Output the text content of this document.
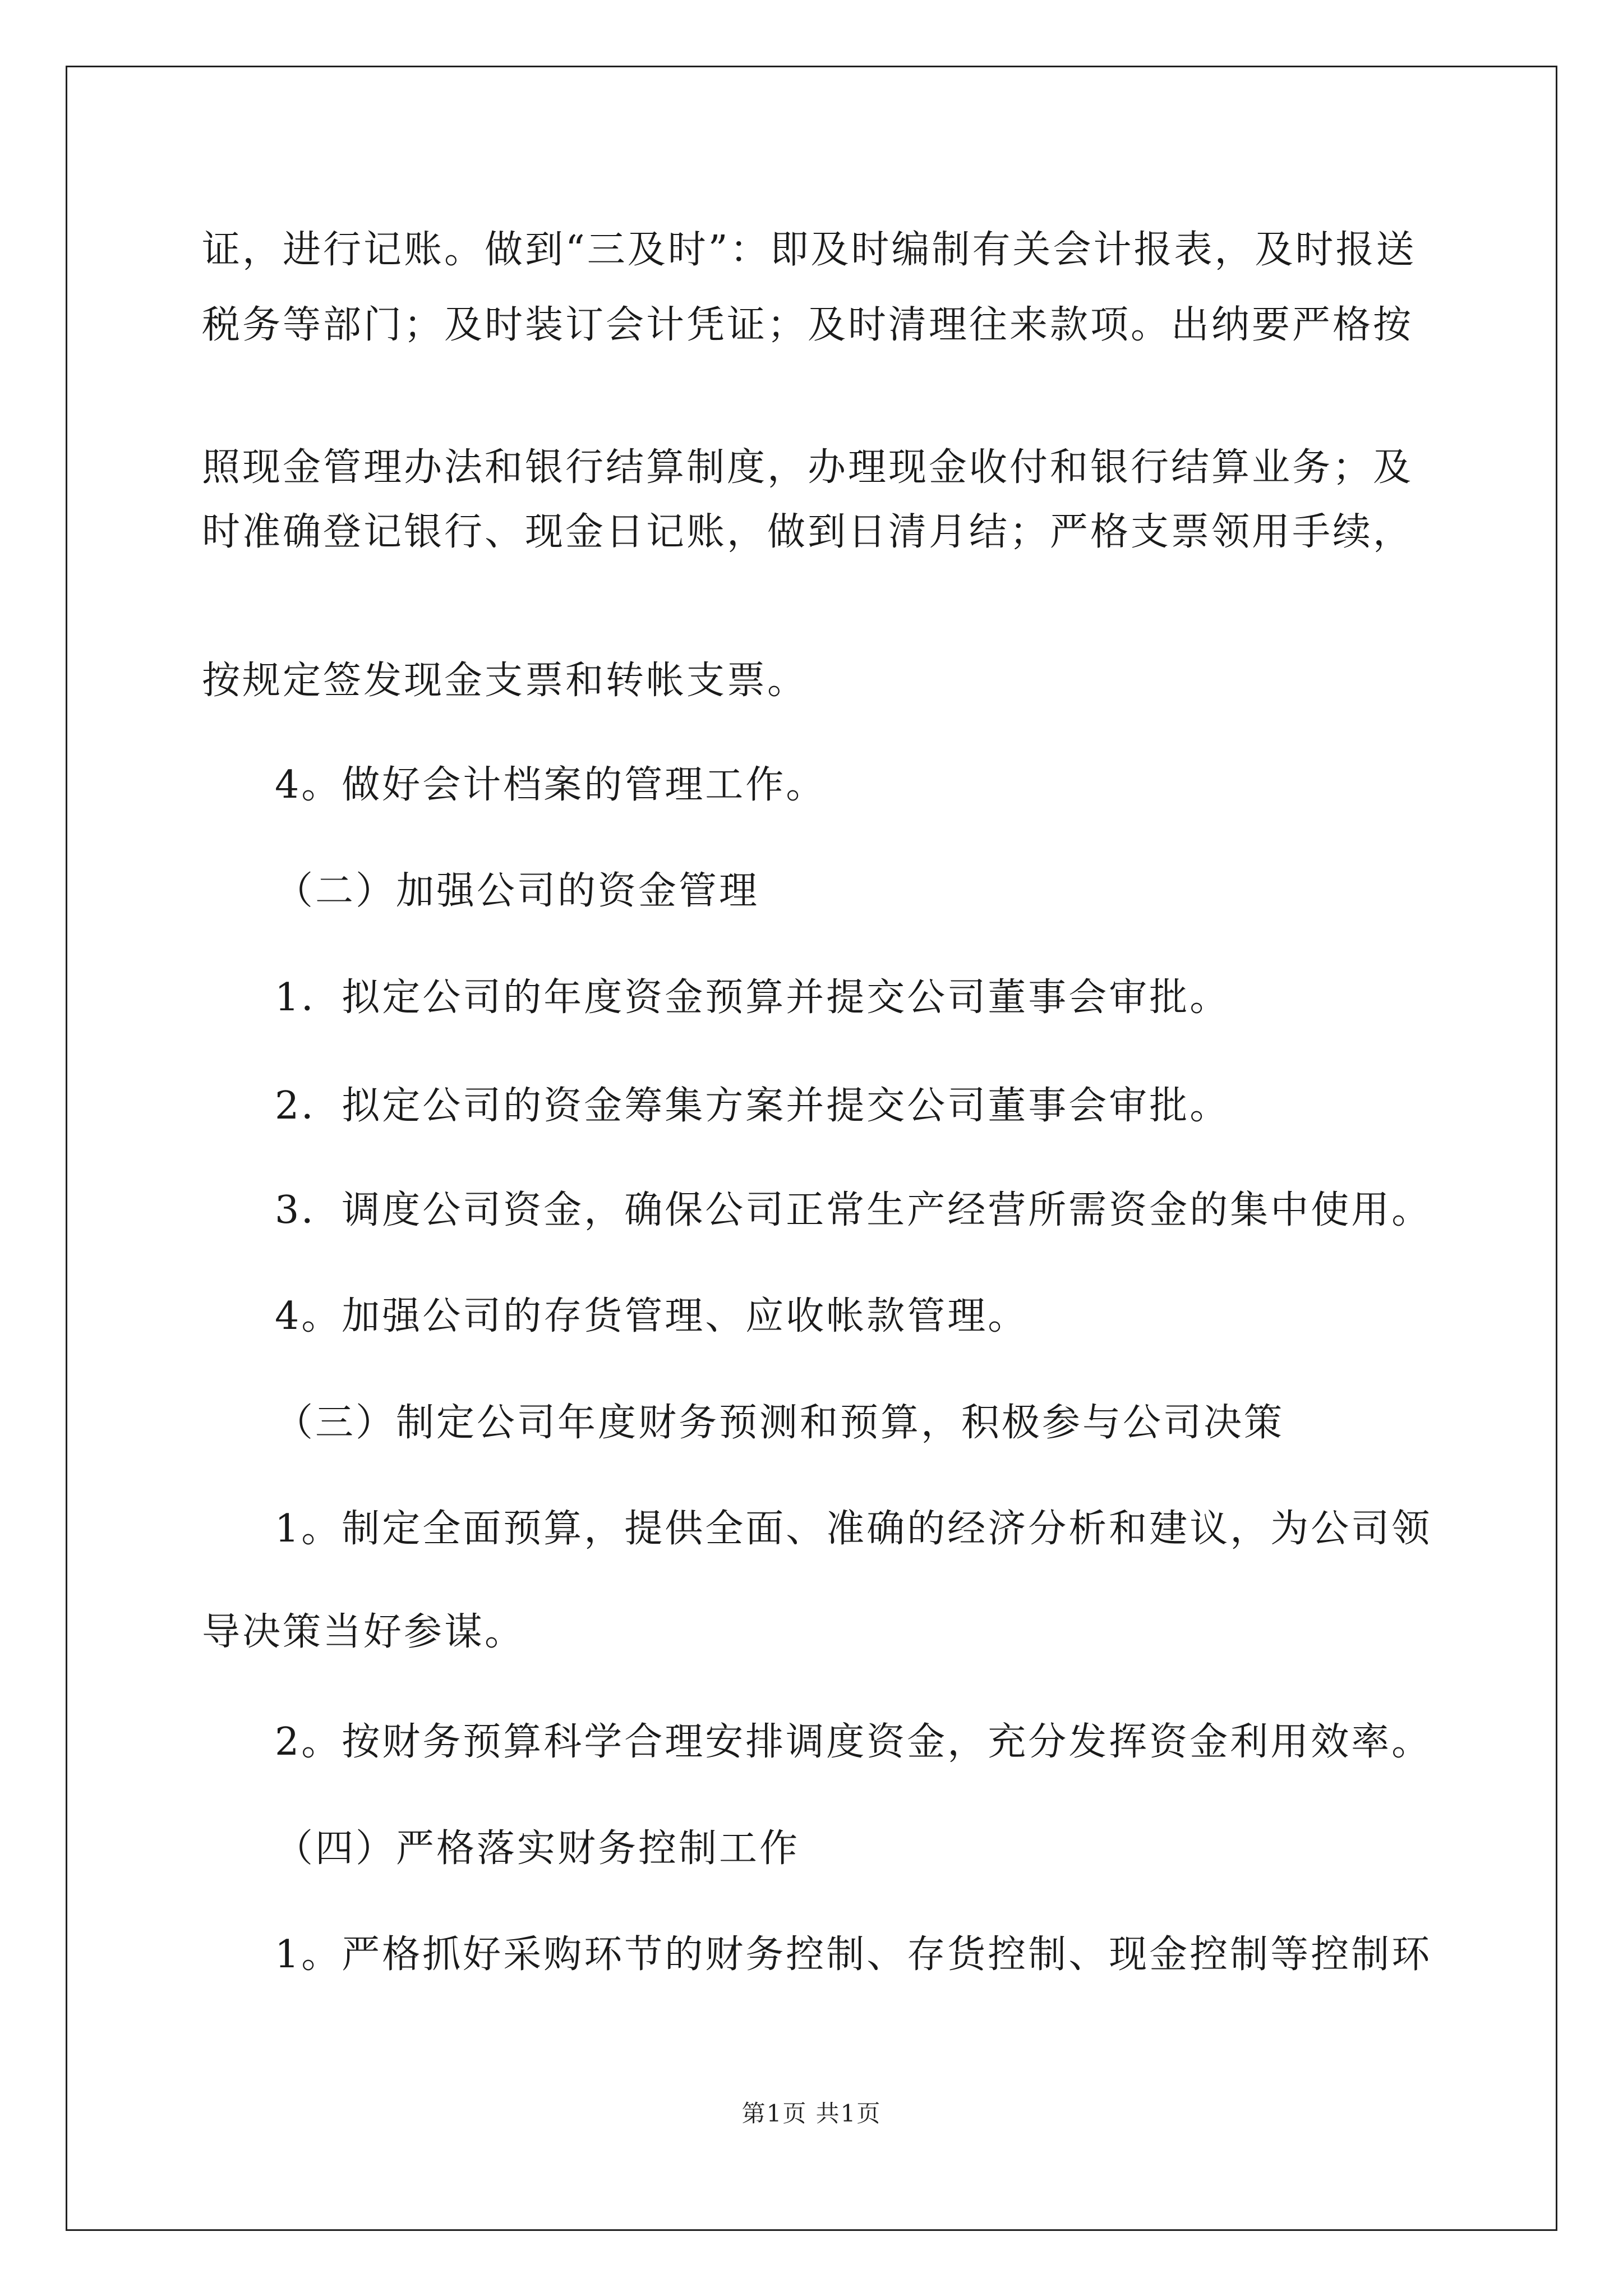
证，进行记账。做到“三及时”：即及时编制有关会计报表，及时报送
税务等部门；及时装订会计凭证；及时清理往来款项。出纳要严格按
照现金管理办法和银行结算制度，办理现金收付和银行结算业务；及
时准确登记银行、现金日记账，做到日清月结；严格支票领用手续，
按规定签发现金支票和转帐支票。
4。做好会计档案的管理工作。
（二）加强公司的资金管理
1．拟定公司的年度资金预算并提交公司董事会审批。
2．拟定公司的资金筹集方案并提交公司董事会审批。
3．调度公司资金，确保公司正常生产经营所需资金的集中使用。
4。加强公司的存货管理、应收帐款管理。
（三）制定公司年度财务预测和预算，积极参与公司决策
1。制定全面预算，提供全面、准确的经济分析和建议，为公司领
导决策当好参谋。
2。按财务预算科学合理安排调度资金，充分发挥资金利用效率。
（四）严格落实财务控制工作
1。严格抓好采购环节的财务控制、存货控制、现金控制等控制环
第1页 共1页
